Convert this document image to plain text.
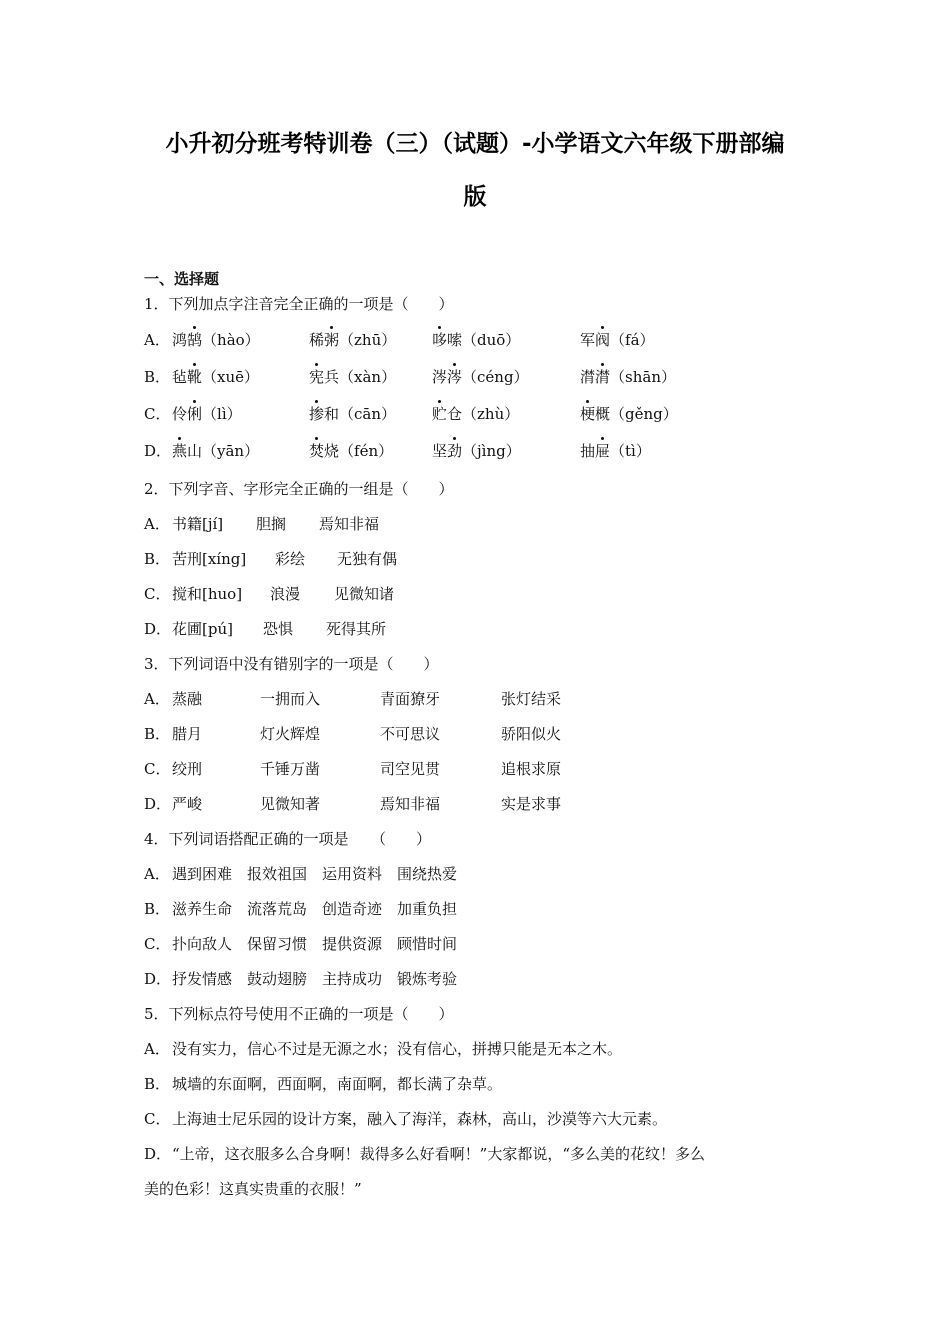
小升初分班考特训卷（三）（试题）-小学语文六年级下册部编
版
一、选择题
1．下列加点字注音完全正确的一项是（　　）
A． 鸿鹄（hào）	稀粥（zhū） 哆嗦（duō）	军阀（fá）
B． 毡靴（xuē）	宪兵（xàn） 涔涔（céng）	潸潸（shān）
C． 伶俐（lì）	掺和（cān） 贮仓（zhù）	梗概（gěng）
D． 燕山（yān）	焚烧（fén）	坚劲（jìng）	抽屉（tì）
2．下列字音、字形完全正确的一组是（　　）
A． 书籍[jí] 胆搁 焉知非福
B． 苦刑[xíng] 彩绘 无独有偶
C． 搅和[huo] 浪漫 见微知诸
D． 花圃[pú] 恐惧 死得其所
3．下列词语中没有错别字的一项是（　　）
A． 蒸融	一拥而入	青面獠牙	张灯结采
B． 腊月	灯火辉煌	不可思议	骄阳似火
C． 绞刑	千锤万凿	司空见贯	追根求原
D． 严峻	见微知著	焉知非福	实是求事
4．下列词语搭配正确的一项是　　（　　）
A． 遇到困难　报效祖国　运用资料　围绕热爱
B． 滋养生命　流落荒岛　创造奇迹　加重负担
C． 扑向敌人　保留习惯　提供资源　顾惜时间
D． 抒发情感　鼓动翅膀　主持成功　锻炼考验
5．下列标点符号使用不正确的一项是（　　）
A． 没有实力，信心不过是无源之水；没有信心，拼搏只能是无本之木。
B． 城墙的东面啊，西面啊，南面啊，都长满了杂草。
C． 上海迪士尼乐园的设计方案，融入了海洋，森林，高山，沙漠等六大元素。
D． “上帝，这衣服多么合身啊！裁得多么好看啊！”大家都说，“多么美的花纹！多么
美的色彩！这真实贵重的衣服！”
